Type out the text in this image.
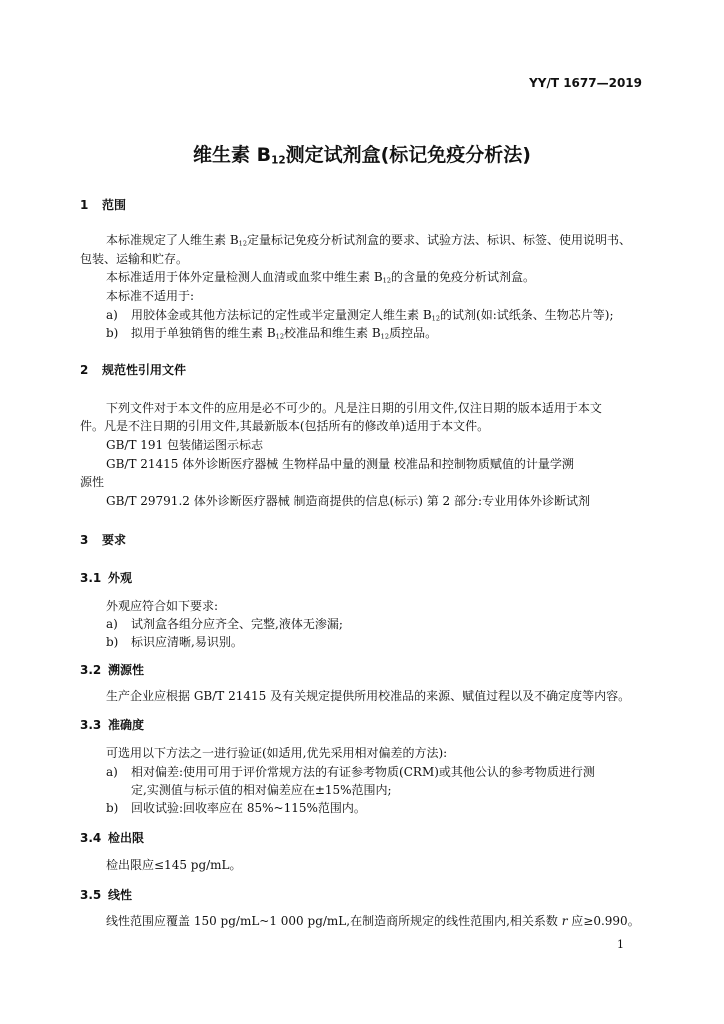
YY/T 1677—2019
维生素 $B_{12}$测定试剂盒(标记免疫分析法)
1 范围
本标准规定了人维生素 $B_{12}$定量标记免疫分析试剂盒的要求、试验方法、标识、标签、使用说明书、
包装、运输和贮存。
本标准适用于体外定量检测人血清或血浆中维生素 $B_{12}$的含量的免疫分析试剂盒。
本标准不适用于:
a) 用胶体金或其他方法标记的定性或半定量测定人维生素 $B_{12}$的试剂(如:试纸条、生物芯片等);
b) 拟用于单独销售的维生素 $B_{12}$校准品和维生素 $B_{12}$质控品。
2 规范性引用文件
下列文件对于本文件的应用是必不可少的。凡是注日期的引用文件,仅注日期的版本适用于本文
件。凡是不注日期的引用文件,其最新版本(包括所有的修改单)适用于本文件。
GB/T 191 包装储运图示标志
GB/T 21415 体外诊断医疗器械 生物样品中量的测量 校准品和控制物质赋值的计量学溯
源性
GB/T 29791.2 体外诊断医疗器械 制造商提供的信息(标示) 第 2 部分:专业用体外诊断试剂
3 要求
3.1 外观
外观应符合如下要求:
a) 试剂盒各组分应齐全、完整,液体无渗漏;
b) 标识应清晰,易识别。
3.2 溯源性
生产企业应根据 GB/T 21415 及有关规定提供所用校准品的来源、赋值过程以及不确定度等内容。
3.3 准确度
可选用以下方法之一进行验证(如适用,优先采用相对偏差的方法):
a) 相对偏差:使用可用于评价常规方法的有证参考物质(CRM)或其他公认的参考物质进行测
定,实测值与标示值的相对偏差应在±15%范围内;
b) 回收试验:回收率应在 85%~115%范围内。
3.4 检出限
检出限应≤145 pg/mL。
3.5 线性
线性范围应覆盖 150 pg/mL~1 000 pg/mL,在制造商所规定的线性范围内,相关系数 r 应≥0.990。
1
